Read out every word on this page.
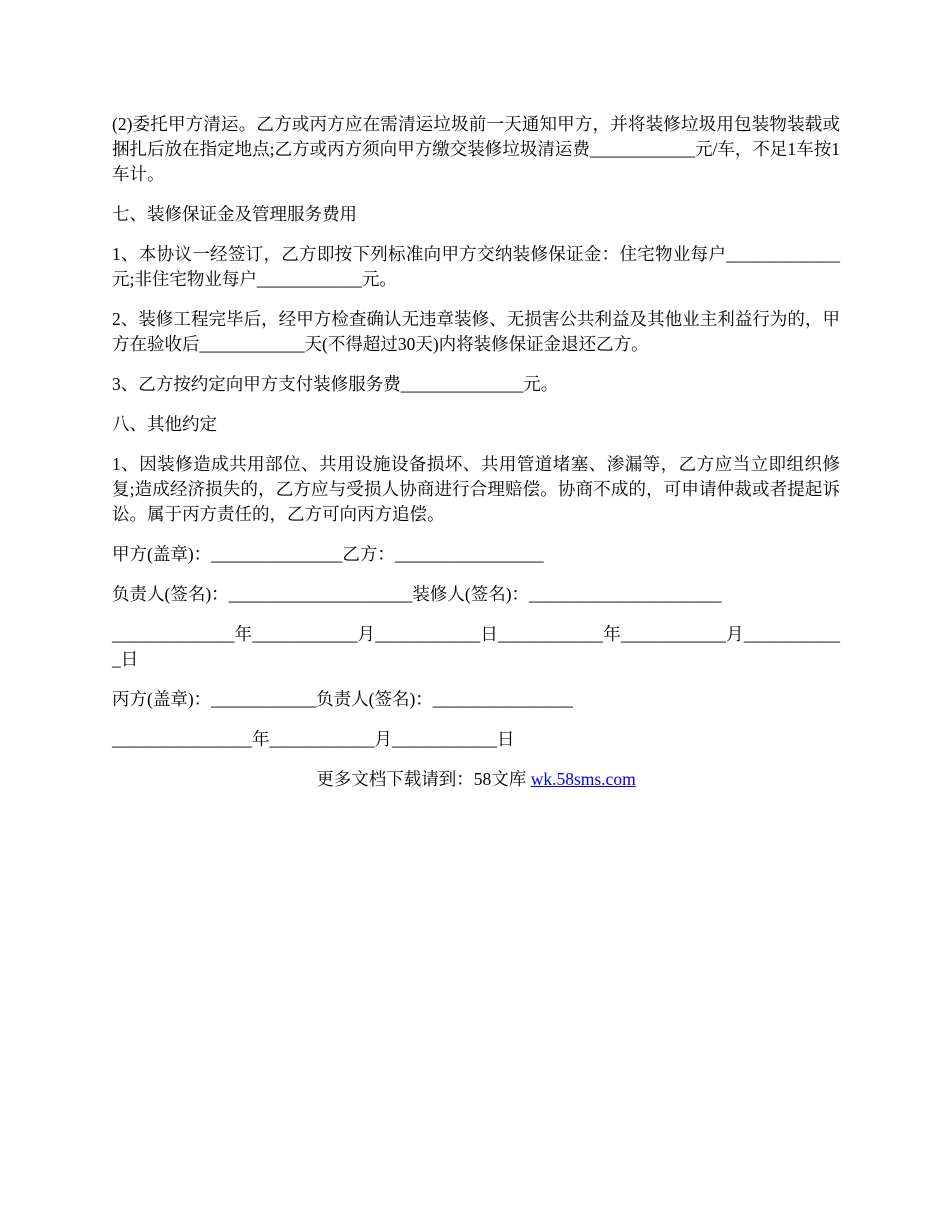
(2)委托甲方清运。乙方或丙方应在需清运垃圾前一天通知甲方，并将装修垃圾用包装物装载或捆扎后放在指定地点;乙方或丙方须向甲方缴交装修垃圾清运费____________元/车，不足1车按1车计。

七、装修保证金及管理服务费用

1、本协议一经签订，乙方即按下列标准向甲方交纳装修保证金：住宅物业每户_____________元;非住宅物业每户____________元。

2、装修工程完毕后，经甲方检查确认无违章装修、无损害公共利益及其他业主利益行为的，甲方在验收后____________天(不得超过30天)内将装修保证金退还乙方。

3、乙方按约定向甲方支付装修服务费______________元。

八、其他约定

1、因装修造成共用部位、共用设施设备损坏、共用管道堵塞、渗漏等，乙方应当立即组织修复;造成经济损失的，乙方应与受损人协商进行合理赔偿。协商不成的，可申请仲裁或者提起诉讼。属于丙方责任的，乙方可向丙方追偿。

甲方(盖章)：_______________乙方：_________________

负责人(签名)：_____________________装修人(签名)：______________________

______________年____________月____________日____________年____________月____________日

丙方(盖章)：____________负责人(签名)：________________

________________年____________月____________日

更多文档下载请到：58文库 wk.58sms.com
